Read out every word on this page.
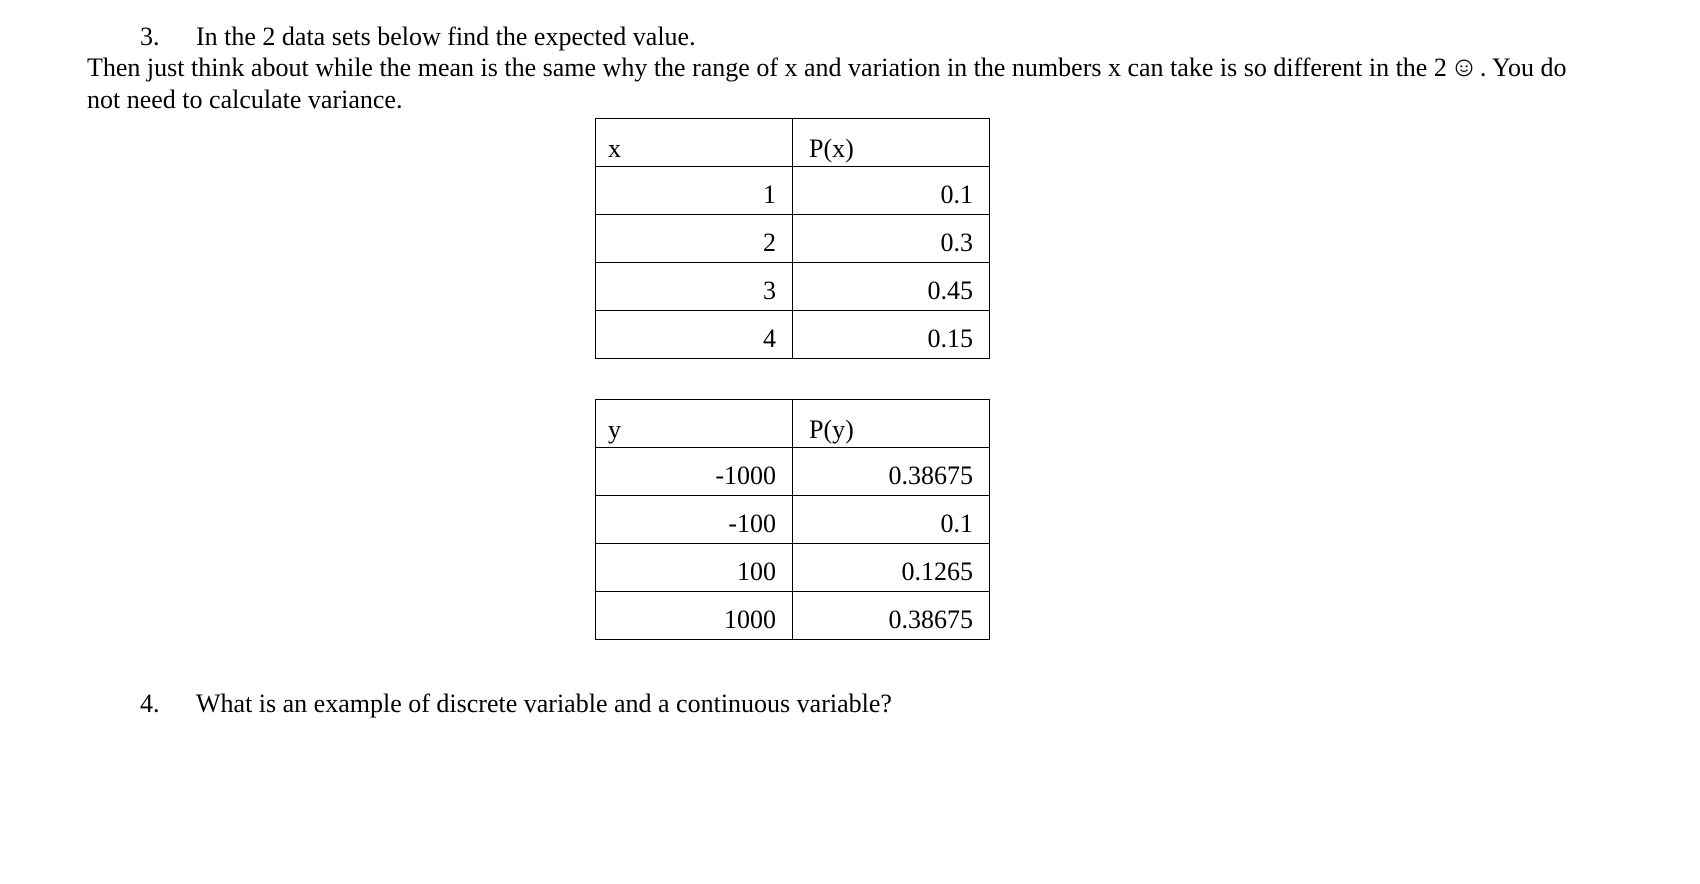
3. In the 2 data sets below find the expected value.
Then just think about while the mean is the same why the range of x and variation in the numbers x can take is so different in the 2 . You do
not need to calculate variance.
x	P(x)
1	0.1
2	0.3
3	0.45
4	0.15
y	P(y)
-1000	0.38675
-100	0.1
100	0.1265
1000	0.38675
4. What is an example of discrete variable and a continuous variable?
